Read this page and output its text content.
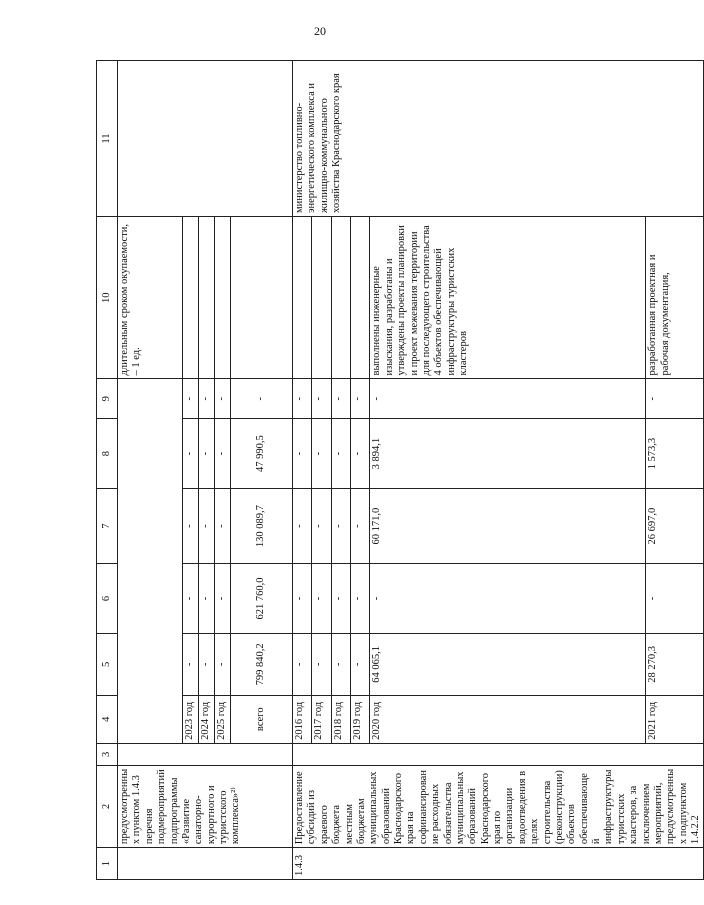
20
1	2	3	4	5	6	7	8	9	10	11
	предусмотренных пунктом 1.4.3 перечня подмероприятий подпрограммы «Развитие санаторно-курортного и туристского комплекса»²⁾								длительным сроком окупаемости, – 1 ед.	
			2023 год	-	-	-	-	-		
			2024 год	-	-	-	-	-		
			2025 год	-	-	-	-	-		
			всего	799 840,2	621 760,0	130 089,7	47 990,5	-		
1.4.3	Предоставление субсидий из краевого бюджета местным бюджетам муниципальных образований Краснодарского края на софинансирование расходных обязательства муниципальных образований Краснодарского края по организации водоотведения в целях строительства (реконструкции) объектов обеспечивающей инфраструктуры туристских кластеров, за исключением мероприятий, предусмотренных подпунктом 1.4.2.2		2016 год	-	-	-	-	-		министерство топливно-энергетического комплекса и жилищно-коммунального хозяйства Краснодарского края
			2017 год	-	-	-	-	-		
			2018 год	-	-	-	-	-		
			2019 год	-	-	-	-	-		
			2020 год	64 065,1	-	60 171,0	3 894,1	-	выполнены инженерные изыскания, разработаны и утверждены проекты планировки и проект межевания территории для последующего строительства 4 объектов обеспечивающей инфраструктуры туристских кластеров	
			2021 год	28 270,3	-	26 697,0	1 573,3	-	разработанная проектная и рабочая документация,	
